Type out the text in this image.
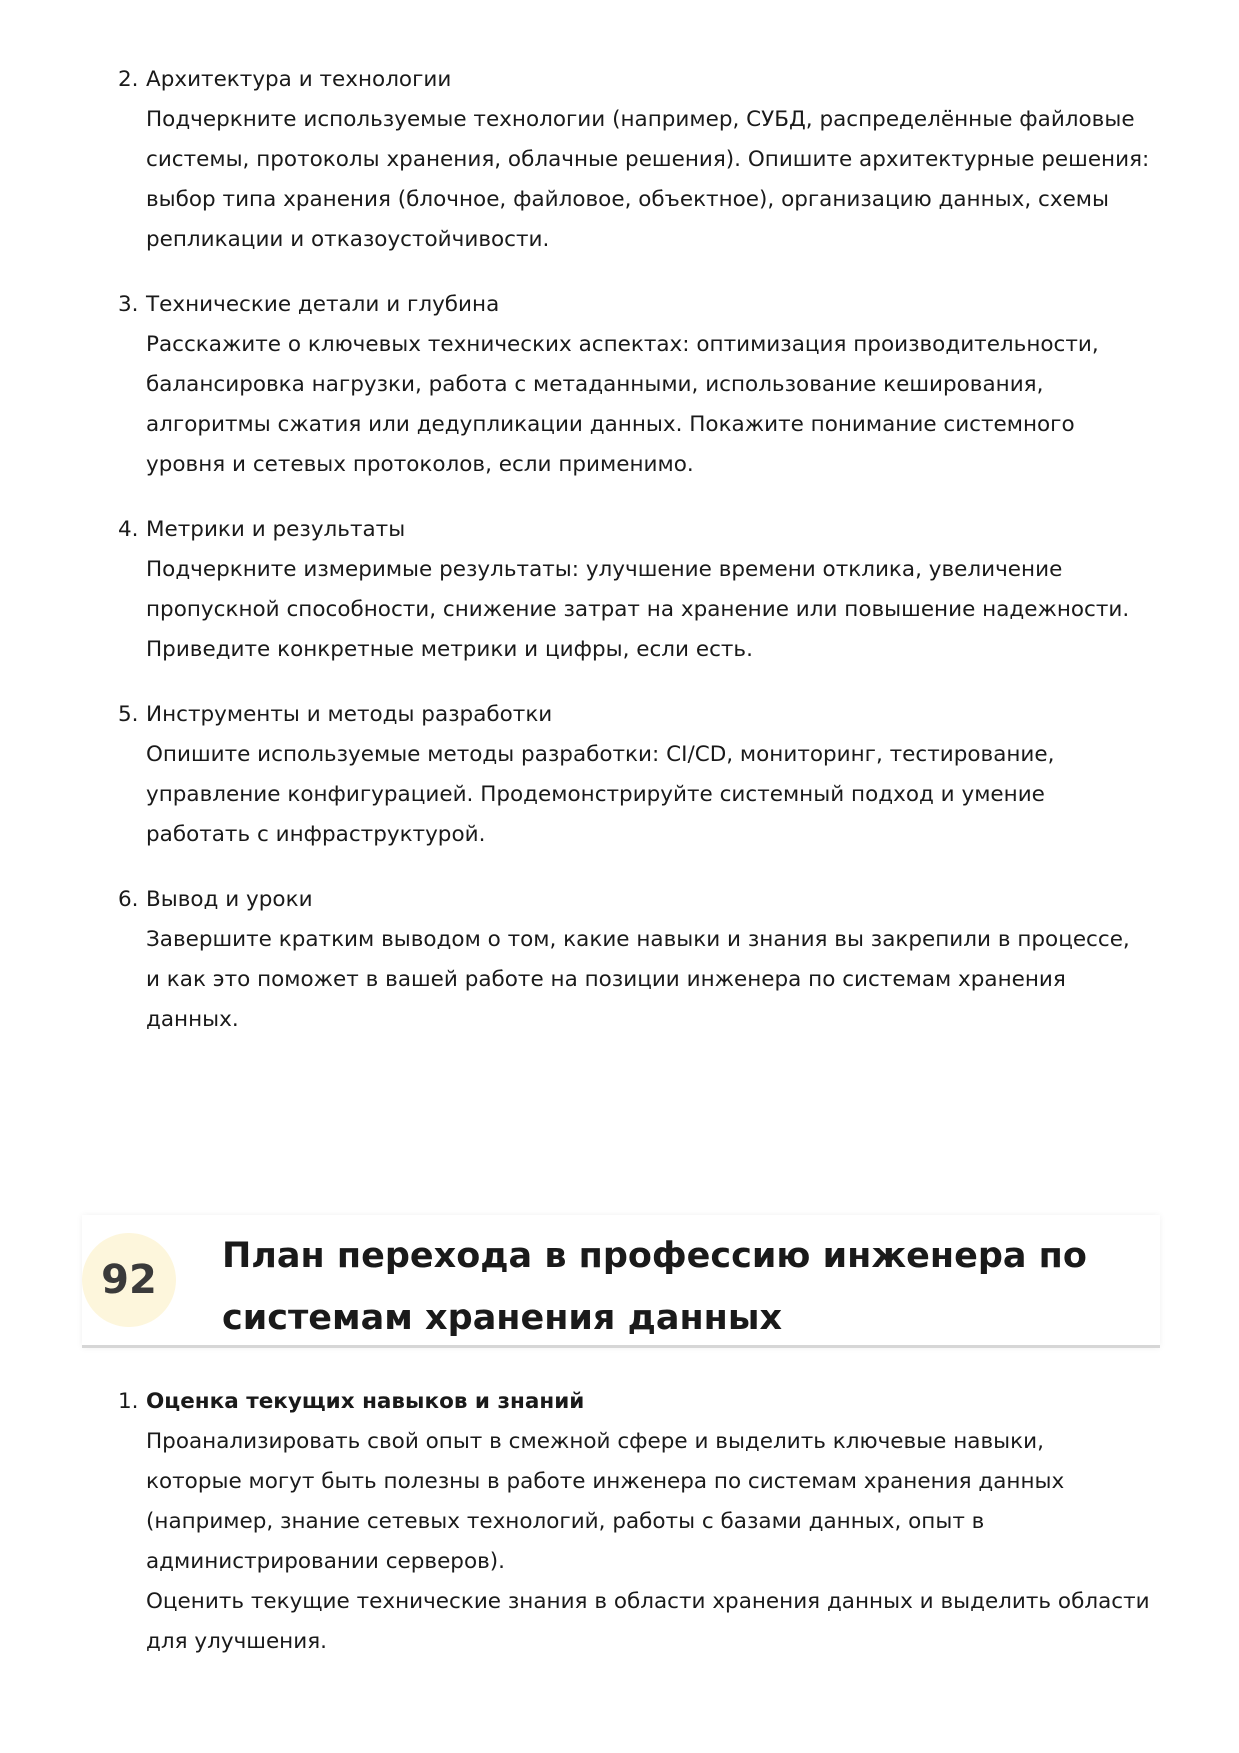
2. Архитектура и технологии
Подчеркните используемые технологии (например, СУБД, распределённые файловые
системы, протоколы хранения, облачные решения). Опишите архитектурные решения:
выбор типа хранения (блочное, файловое, объектное), организацию данных, схемы
репликации и отказоустойчивости.
3. Технические детали и глубина
Расскажите о ключевых технических аспектах: оптимизация производительности,
балансировка нагрузки, работа с метаданными, использование кеширования,
алгоритмы сжатия или дедупликации данных. Покажите понимание системного
уровня и сетевых протоколов, если применимо.
4. Метрики и результаты
Подчеркните измеримые результаты: улучшение времени отклика, увеличение
пропускной способности, снижение затрат на хранение или повышение надежности.
Приведите конкретные метрики и цифры, если есть.
5. Инструменты и методы разработки
Опишите используемые методы разработки: CI/CD, мониторинг, тестирование,
управление конфигурацией. Продемонстрируйте системный подход и умение
работать с инфраструктурой.
6. Вывод и уроки
Завершите кратким выводом о том, какие навыки и знания вы закрепили в процессе,
и как это поможет в вашей работе на позиции инженера по системам хранения
данных.
92
План перехода в профессию инженера по
системам хранения данных
1. Оценка текущих навыков и знаний
Проанализировать свой опыт в смежной сфере и выделить ключевые навыки,
которые могут быть полезны в работе инженера по системам хранения данных
(например, знание сетевых технологий, работы с базами данных, опыт в
администрировании серверов).
Оценить текущие технические знания в области хранения данных и выделить области
для улучшения.
